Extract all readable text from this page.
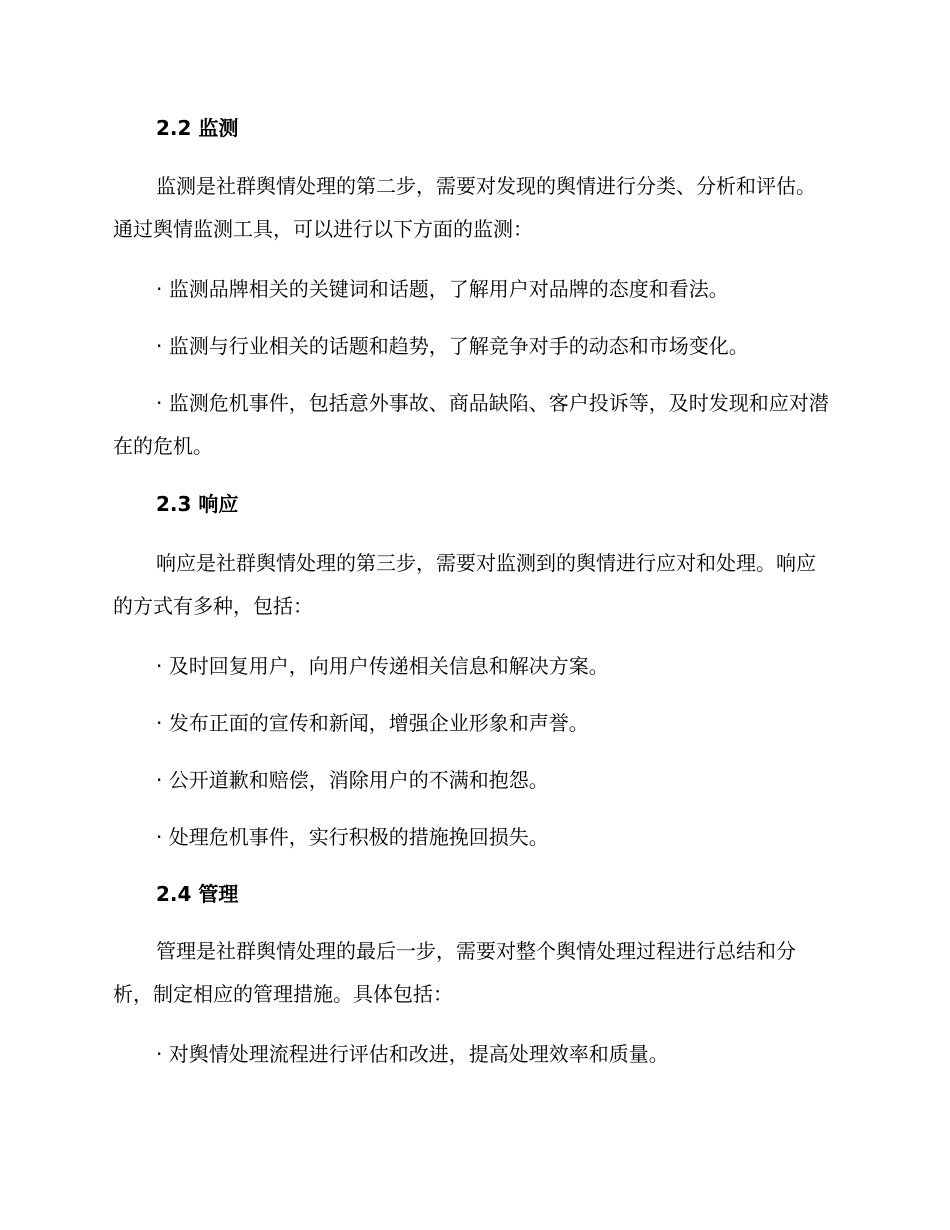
2.2 监测

监测是社群舆情处理的第二步，需要对发现的舆情进行分类、分析和评估。通过舆情监测工具，可以进行以下方面的监测：

· 监测品牌相关的关键词和话题，了解用户对品牌的态度和看法。

· 监测与行业相关的话题和趋势，了解竞争对手的动态和市场变化。

· 监测危机事件，包括意外事故、商品缺陷、客户投诉等，及时发现和应对潜在的危机。

2.3 响应

响应是社群舆情处理的第三步，需要对监测到的舆情进行应对和处理。响应的方式有多种，包括：

· 及时回复用户，向用户传递相关信息和解决方案。

· 发布正面的宣传和新闻，增强企业形象和声誉。

· 公开道歉和赔偿，消除用户的不满和抱怨。

· 处理危机事件，实行积极的措施挽回损失。

2.4 管理

管理是社群舆情处理的最后一步，需要对整个舆情处理过程进行总结和分析，制定相应的管理措施。具体包括：

· 对舆情处理流程进行评估和改进，提高处理效率和质量。
